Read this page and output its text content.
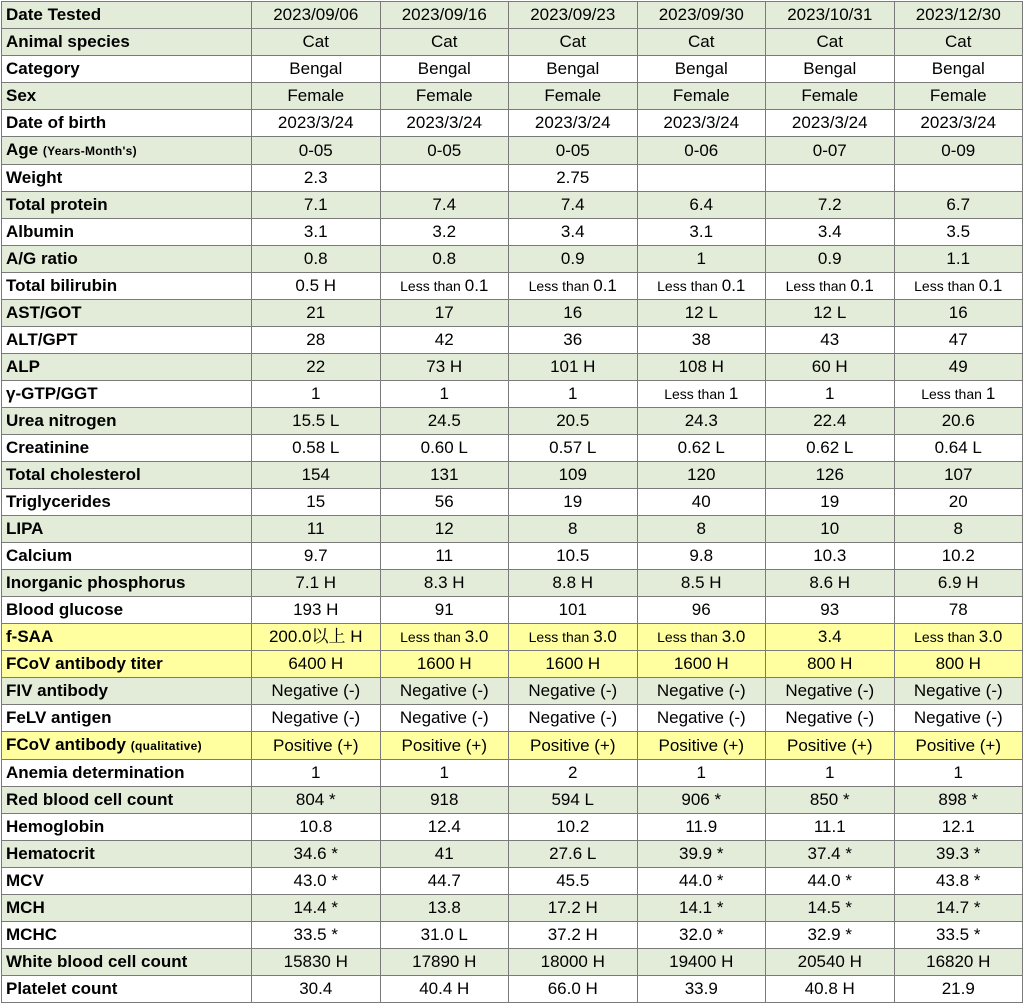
Date Tested	2023/09/06	2023/09/16	2023/09/23	2023/09/30	2023/10/31	2023/12/30
Animal species	Cat	Cat	Cat	Cat	Cat	Cat
Category	Bengal	Bengal	Bengal	Bengal	Bengal	Bengal
Sex	Female	Female	Female	Female	Female	Female
Date of birth	2023/3/24	2023/3/24	2023/3/24	2023/3/24	2023/3/24	2023/3/24
Age (Years-Month's)	0-05	0-05	0-05	0-06	0-07	0-09
Weight	2.3		2.75			
Total protein	7.1	7.4	7.4	6.4	7.2	6.7
Albumin	3.1	3.2	3.4	3.1	3.4	3.5
A/G ratio	0.8	0.8	0.9	1	0.9	1.1
Total bilirubin	0.5 H	Less than 0.1	Less than 0.1	Less than 0.1	Less than 0.1	Less than 0.1
AST/GOT	21	17	16	12 L	12 L	16
ALT/GPT	28	42	36	38	43	47
ALP	22	73 H	101 H	108 H	60 H	49
γ-GTP/GGT	1	1	1	Less than 1	1	Less than 1
Urea nitrogen	15.5 L	24.5	20.5	24.3	22.4	20.6
Creatinine	0.58 L	0.60 L	0.57 L	0.62 L	0.62 L	0.64 L
Total cholesterol	154	131	109	120	126	107
Triglycerides	15	56	19	40	19	20
LIPA	11	12	8	8	10	8
Calcium	9.7	11	10.5	9.8	10.3	10.2
Inorganic phosphorus	7.1 H	8.3 H	8.8 H	8.5 H	8.6 H	6.9 H
Blood glucose	193 H	91	101	96	93	78
f-SAA	200.0以上 H	Less than 3.0	Less than 3.0	Less than 3.0	3.4	Less than 3.0
FCoV antibody titer	6400 H	1600 H	1600 H	1600 H	800 H	800 H
FIV antibody	Negative (-)	Negative (-)	Negative (-)	Negative (-)	Negative (-)	Negative (-)
FeLV antigen	Negative (-)	Negative (-)	Negative (-)	Negative (-)	Negative (-)	Negative (-)
FCoV antibody (qualitative)	Positive (+)	Positive (+)	Positive (+)	Positive (+)	Positive (+)	Positive (+)
Anemia determination	1	1	2	1	1	1
Red blood cell count	804 *	918	594 L	906 *	850 *	898 *
Hemoglobin	10.8	12.4	10.2	11.9	11.1	12.1
Hematocrit	34.6 *	41	27.6 L	39.9 *	37.4 *	39.3 *
MCV	43.0 *	44.7	45.5	44.0 *	44.0 *	43.8 *
MCH	14.4 *	13.8	17.2 H	14.1 *	14.5 *	14.7 *
MCHC	33.5 *	31.0 L	37.2 H	32.0 *	32.9 *	33.5 *
White blood cell count	15830 H	17890 H	18000 H	19400 H	20540 H	16820 H
Platelet count	30.4	40.4 H	66.0 H	33.9	40.8 H	21.9
